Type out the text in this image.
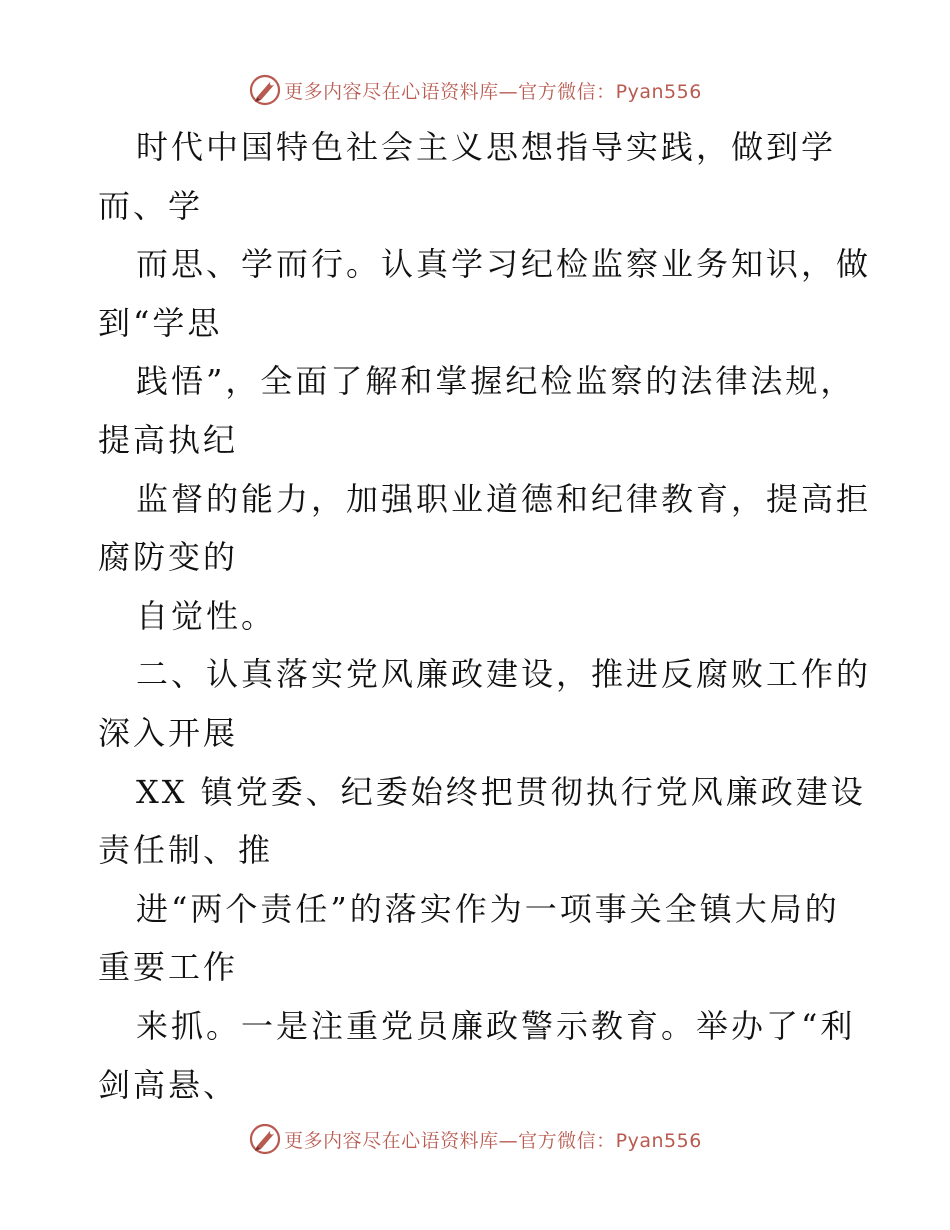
更多内容尽在心语资料库—官方微信：Pyan556
时代中国特色社会主义思想指导实践，做到学
而、学
而思、学而行。认真学习纪检监察业务知识，做
到“学思
践悟”，全面了解和掌握纪检监察的法律法规，
提高执纪
监督的能力，加强职业道德和纪律教育，提高拒
腐防变的
自觉性。
二、认真落实党风廉政建设，推进反腐败工作的
深入开展
XX 镇党委、纪委始终把贯彻执行党风廉政建设
责任制、推
进“两个责任”的落实作为一项事关全镇大局的
重要工作
来抓。一是注重党员廉政警示教育。举办了“利
剑高悬、
更多内容尽在心语资料库—官方微信：Pyan556
